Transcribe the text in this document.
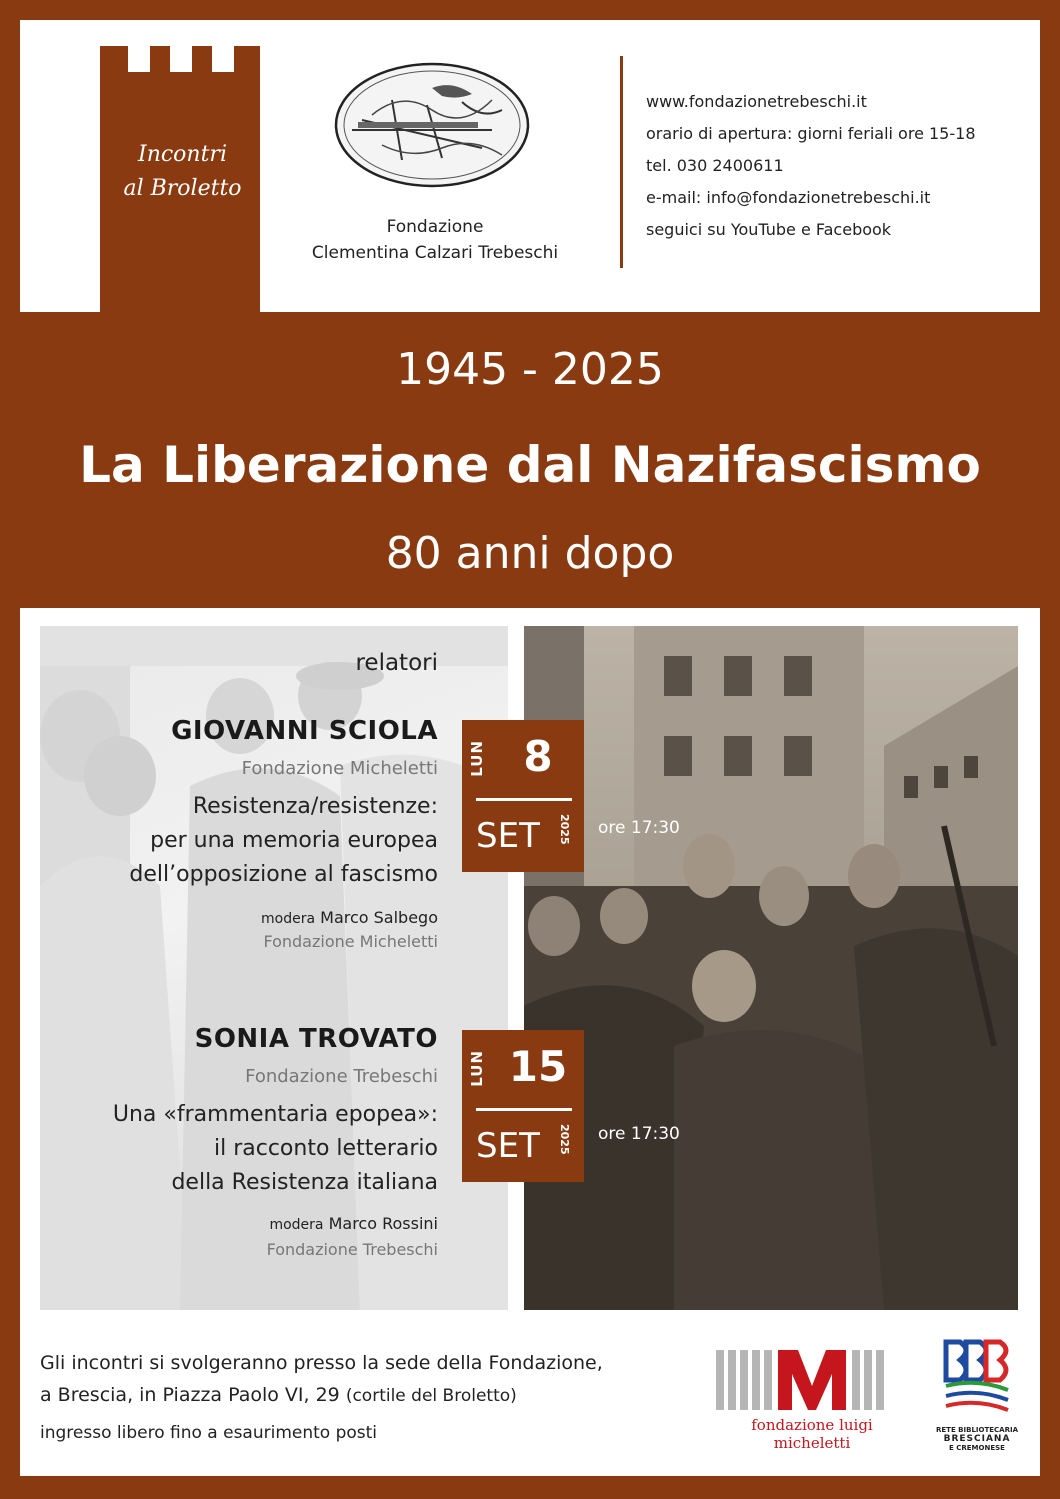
Incontri
al Broletto
Fondazione
Clementina Calzari Trebeschi
www.fondazionetrebeschi.it
orario di apertura: giorni feriali ore 15-18
tel. 030 2400611
e-mail: info@fondazionetrebeschi.it
seguici su YouTube e Facebook
1945 - 2025
La Liberazione dal Nazifascismo
80 anni dopo
relatori
GIOVANNI SCIOLA
Fondazione Micheletti
Resistenza/resistenze:
per una memoria europea
dell’opposizione al fascismo
modera Marco Salbego
Fondazione Micheletti
LUN 8
SET 2025 ore 17:30
SONIA TROVATO
Fondazione Trebeschi
Una «frammentaria epopea»:
il racconto letterario
della Resistenza italiana
modera Marco Rossini
Fondazione Trebeschi
LUN 15
SET 2025 ore 17:30
Gli incontri si svolgeranno presso la sede della Fondazione,
a Brescia, in Piazza Paolo VI, 29 (cortile del Broletto)
ingresso libero fino a esaurimento posti	fondazione luigi micheletti
RETE BIBLIOTECARIA
BRESCIANA
E CREMONESE
